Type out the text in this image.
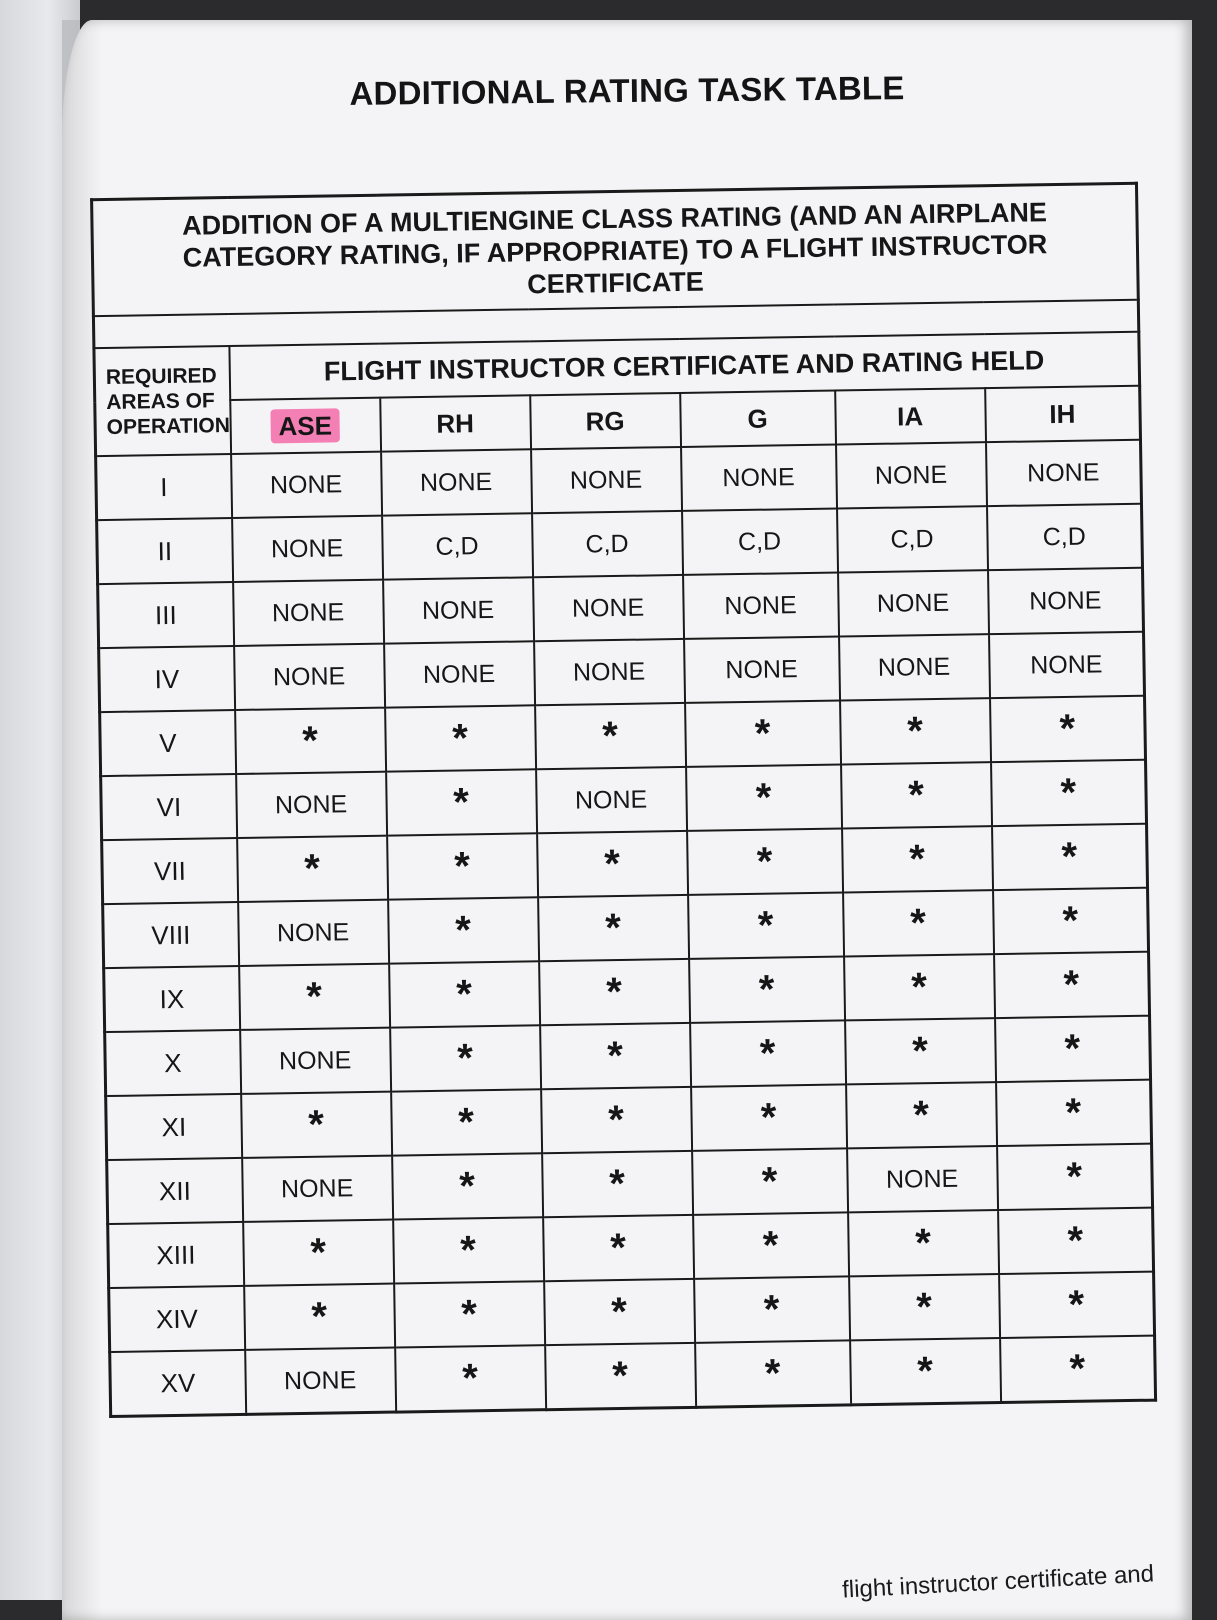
ADDITIONAL RATING TASK TABLE
ADDITION OF A MULTIENGINE CLASS RATING (AND AN AIRPLANE CATEGORY RATING, IF APPROPRIATE) TO A FLIGHT INSTRUCTOR CERTIFICATE						

REQUIRED AREAS OF OPERATION	FLIGHT INSTRUCTOR CERTIFICATE AND RATING HELD					
	ASE	RH	RG	G	IA	IH
I	NONE	NONE	NONE	NONE	NONE	NONE
II	NONE	C,D	C,D	C,D	C,D	C,D
III	NONE	NONE	NONE	NONE	NONE	NONE
IV	NONE	NONE	NONE	NONE	NONE	NONE
V	*	*	*	*	*	*
VI	NONE	*	NONE	*	*	*
VII	*	*	*	*	*	*
VIII	NONE	*	*	*	*	*
IX	*	*	*	*	*	*
X	NONE	*	*	*	*	*
XI	*	*	*	*	*	*
XII	NONE	*	*	*	NONE	*
XIII	*	*	*	*	*	*
XIV	*	*	*	*	*	*
XV	NONE	*	*	*	*	*
flight instructor certificate and
